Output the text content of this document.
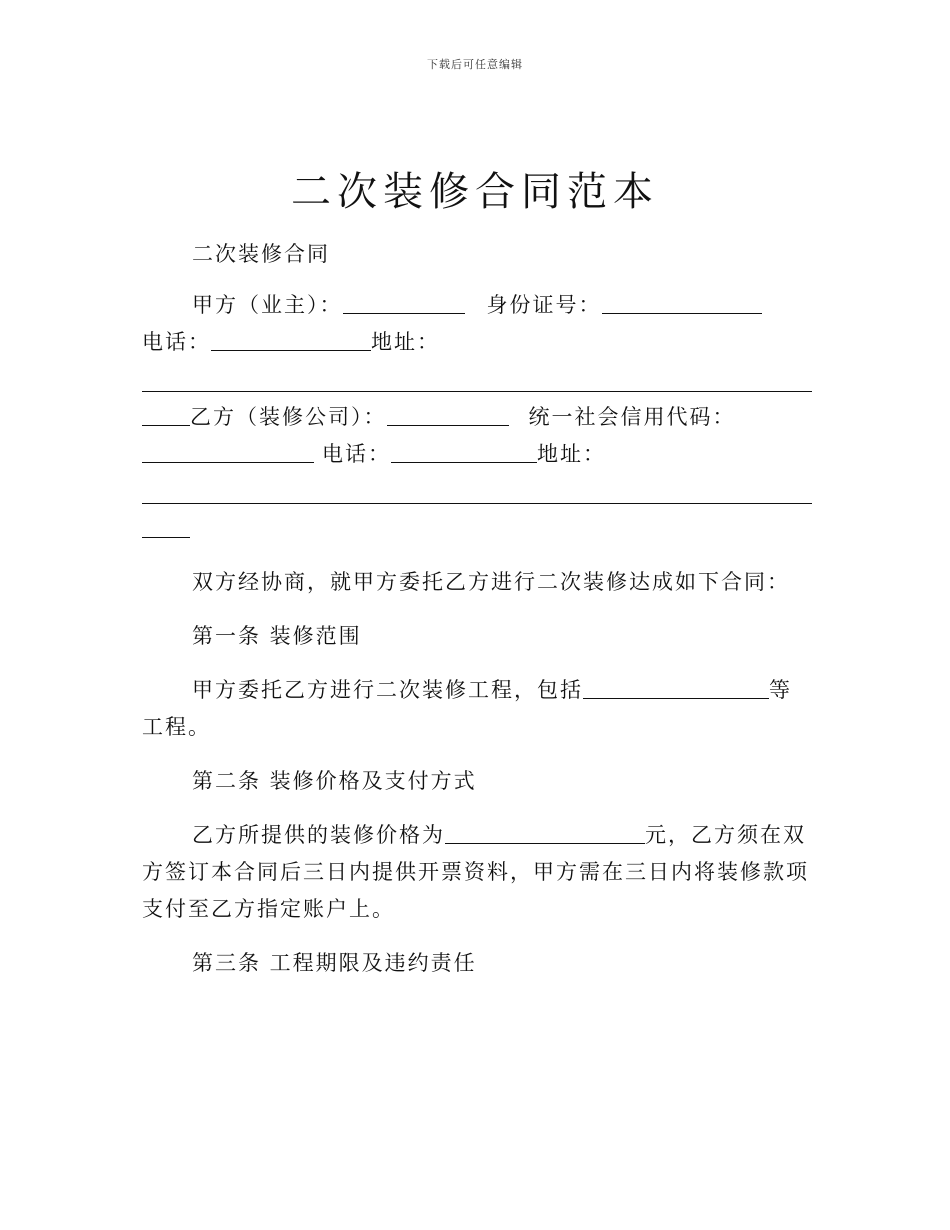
下载后可任意编辑
二次装修合同范本

二次装修合同

甲方（业主）：	身份证号：
电话：	地址：

乙方（装修公司）：	统一社会信用代码：
电话：	地址：

双方经协商，就甲方委托乙方进行二次装修达成如下合同：

第一条 装修范围

甲方委托乙方进行二次装修工程，包括	等工程。

第二条 装修价格及支付方式

乙方所提供的装修价格为	元，乙方须在双方签订本合同后三日内提供开票资料，甲方需在三日内将装修款项支付至乙方指定账户上。

第三条 工程期限及违约责任
